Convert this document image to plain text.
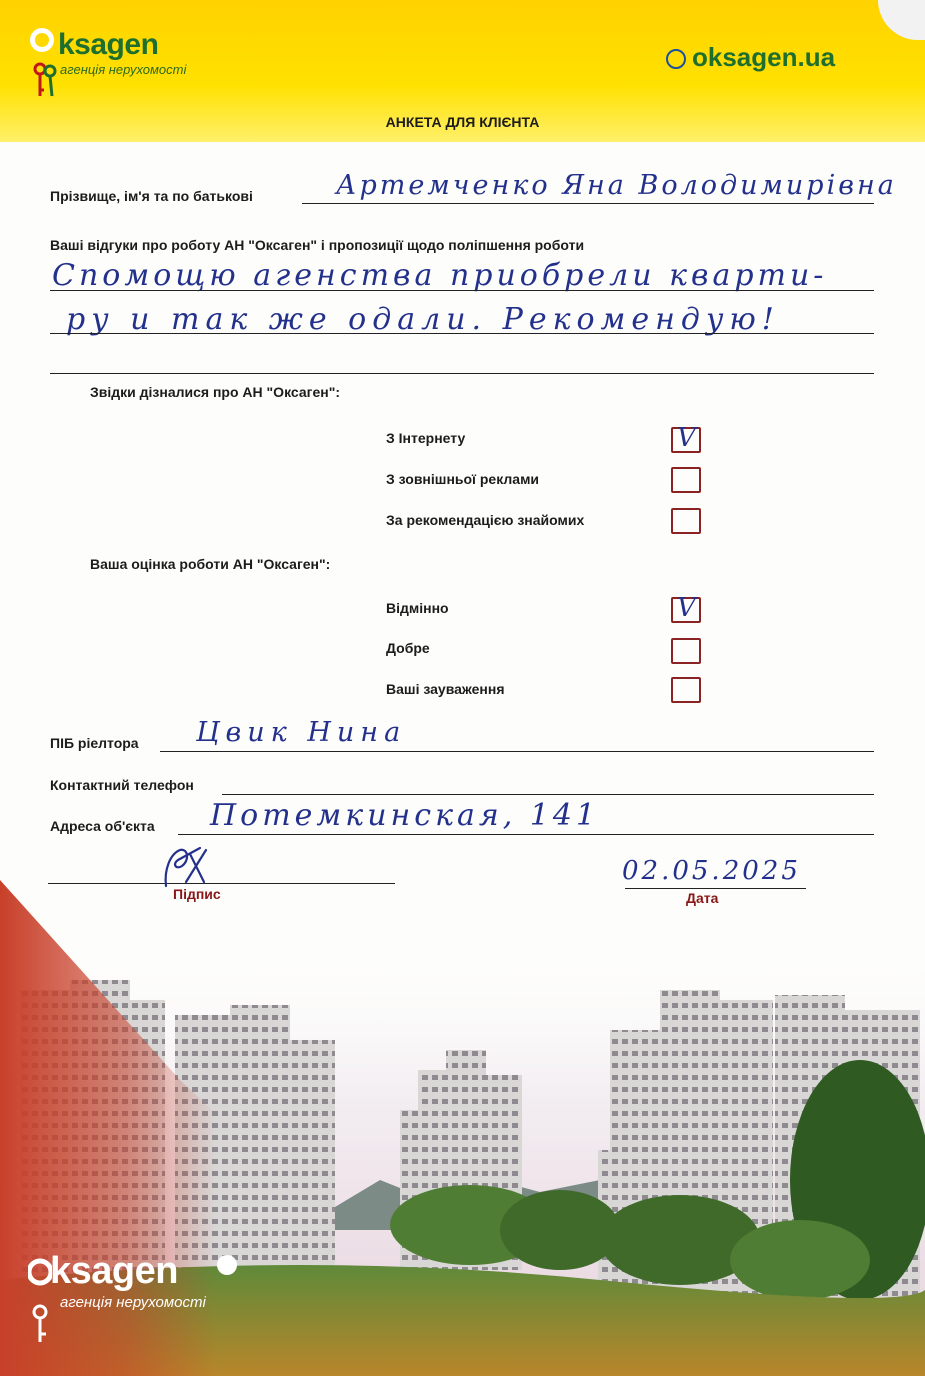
ksagen
агенція нерухомості	oksagen.ua
АНКЕТА ДЛЯ КЛІЄНТА
Прізвище, ім'я та по батькові	Артемченко Яна Володимирівна
Ваші відгуки про роботу АН "Оксаген" і пропозиції щодо поліпшення роботи
Спомощю агенства приобрели кварти-
ру и так же одали. Рекомендую!
Звідки дізналися про АН "Оксаген":
З Інтернету	V
З зовнішньої реклами
За рекомендацією знайомих
Ваша оцінка роботи АН "Оксаген":
Відмінно	V
Добре
Ваші зауваження
ПІБ ріелтора Цвик Нина
Контактний телефон
Адреса об'єкта Потемкинская, 141
Підпис
02.05.2025
Дата
ksagen
агенція нерухомості
